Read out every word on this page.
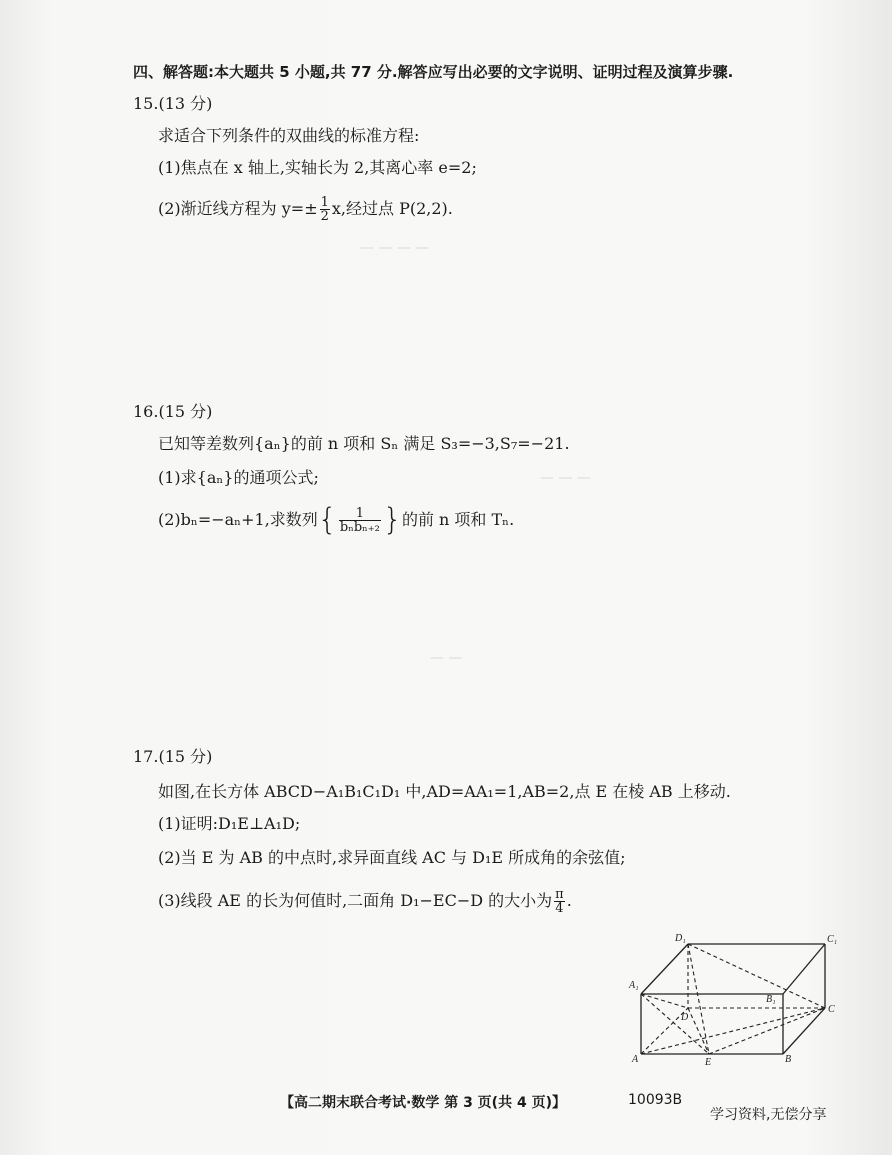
四、解答题:本大题共 5 小题,共 77 分.解答应写出必要的文字说明、证明过程及演算步骤.
15.(13 分)
求适合下列条件的双曲线的标准方程:
(1)焦点在 x 轴上,实轴长为 2,其离心率 e=2;
(2)渐近线方程为 $y=\pm \frac{1}{2} x$,经过点 P(2,2).
16.(15 分)
已知等差数列{aₙ}的前 n 项和 Sₙ 满足 S₃=−3,S₇=−21.
(1)求{aₙ}的通项公式;
(2)bₙ=−aₙ+1,求数列{ $\frac{1}{\text{bₙbₙ₊₂}}$ }的前 n 项和 Tₙ.
— — — —
— — —
— —
17.(15 分)
如图,在长方体 ABCD−A₁B₁C₁D₁ 中,AD=AA₁=1,AB=2,点 E 在棱 AB 上移动.
(1)证明:D₁E⊥A₁D;
(2)当 E 为 AB 的中点时,求异面直线 AC 与 D₁E 所成角的余弦值;
(3)线段 AE 的长为何值时,二面角 D₁−EC−D 的大小为 $\frac{\pi}{4}$ .
D₁	C₁
A₁
B₁
D
C
A	E	B
【高二期末联合考试·数学 第 3 页(共 4 页)】	10093B
学习资料,无偿分享
